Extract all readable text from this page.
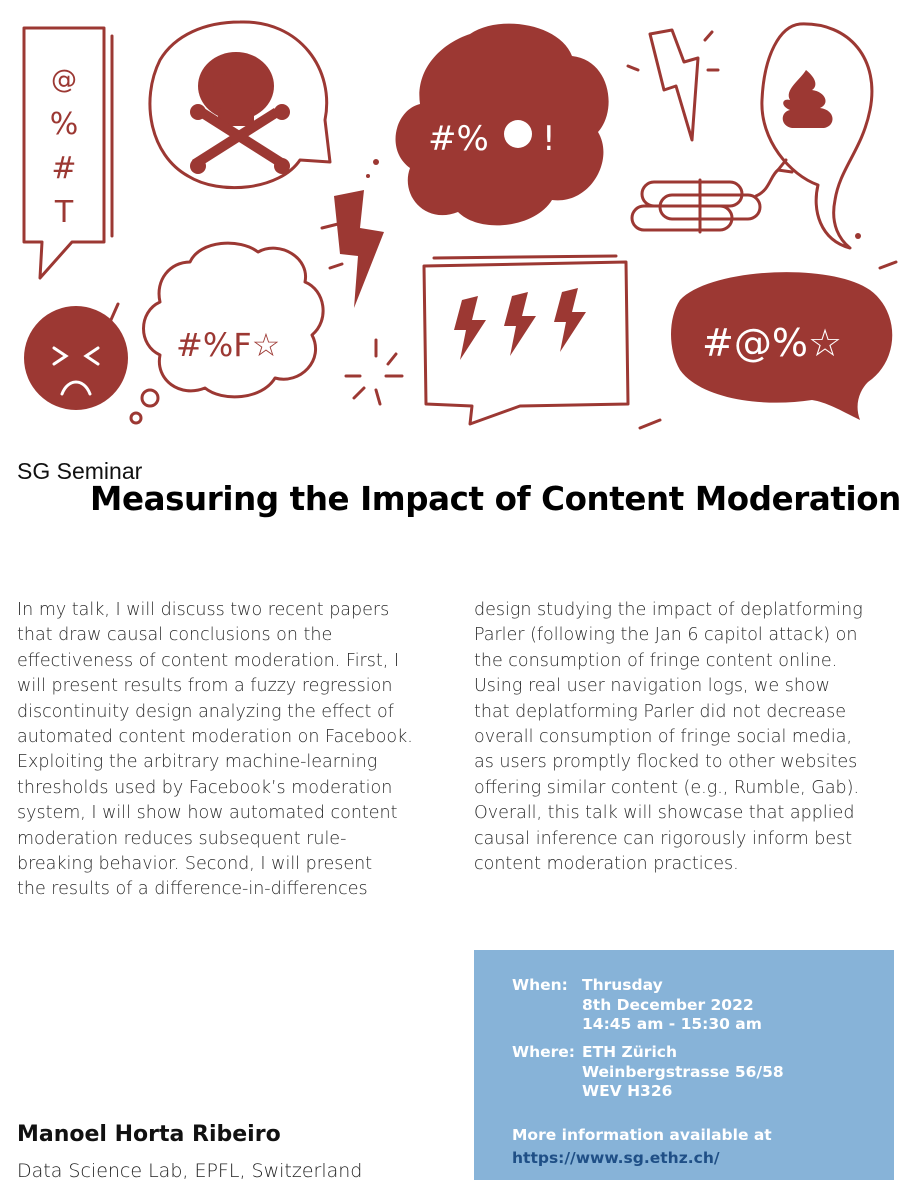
@
%
#
T
#% !
#%F☆	#@%☆
SG Seminar
Measuring the Impact of Content Moderation
In my talk, I will discuss two recent papers
that draw causal conclusions on the
effectiveness of content moderation. First, I
will present results from a fuzzy regression
discontinuity design analyzing the effect of
automated content moderation on Facebook.
Exploiting the arbitrary machine-learning
thresholds used by Facebook’s moderation
system, I will show how automated content
moderation reduces subsequent rule-
breaking behavior. Second, I will present
the results of a difference-in-differences
design studying the impact of deplatforming
Parler (following the Jan 6 capitol attack) on
the consumption of fringe content online.
Using real user navigation logs, we show
that deplatforming Parler did not decrease
overall consumption of fringe social media,
as users promptly flocked to other websites
offering similar content (e.g., Rumble, Gab).
Overall, this talk will showcase that applied
causal inference can rigorously inform best
content moderation practices.
When: Thrusday
8th December 2022
14:45 am - 15:30 am
Where: ETH Zürich
Weinbergstrasse 56/58
WEV H326
More information available at
https://www.sg.ethz.ch/
Manoel Horta Ribeiro
Data Science Lab, EPFL, Switzerland
